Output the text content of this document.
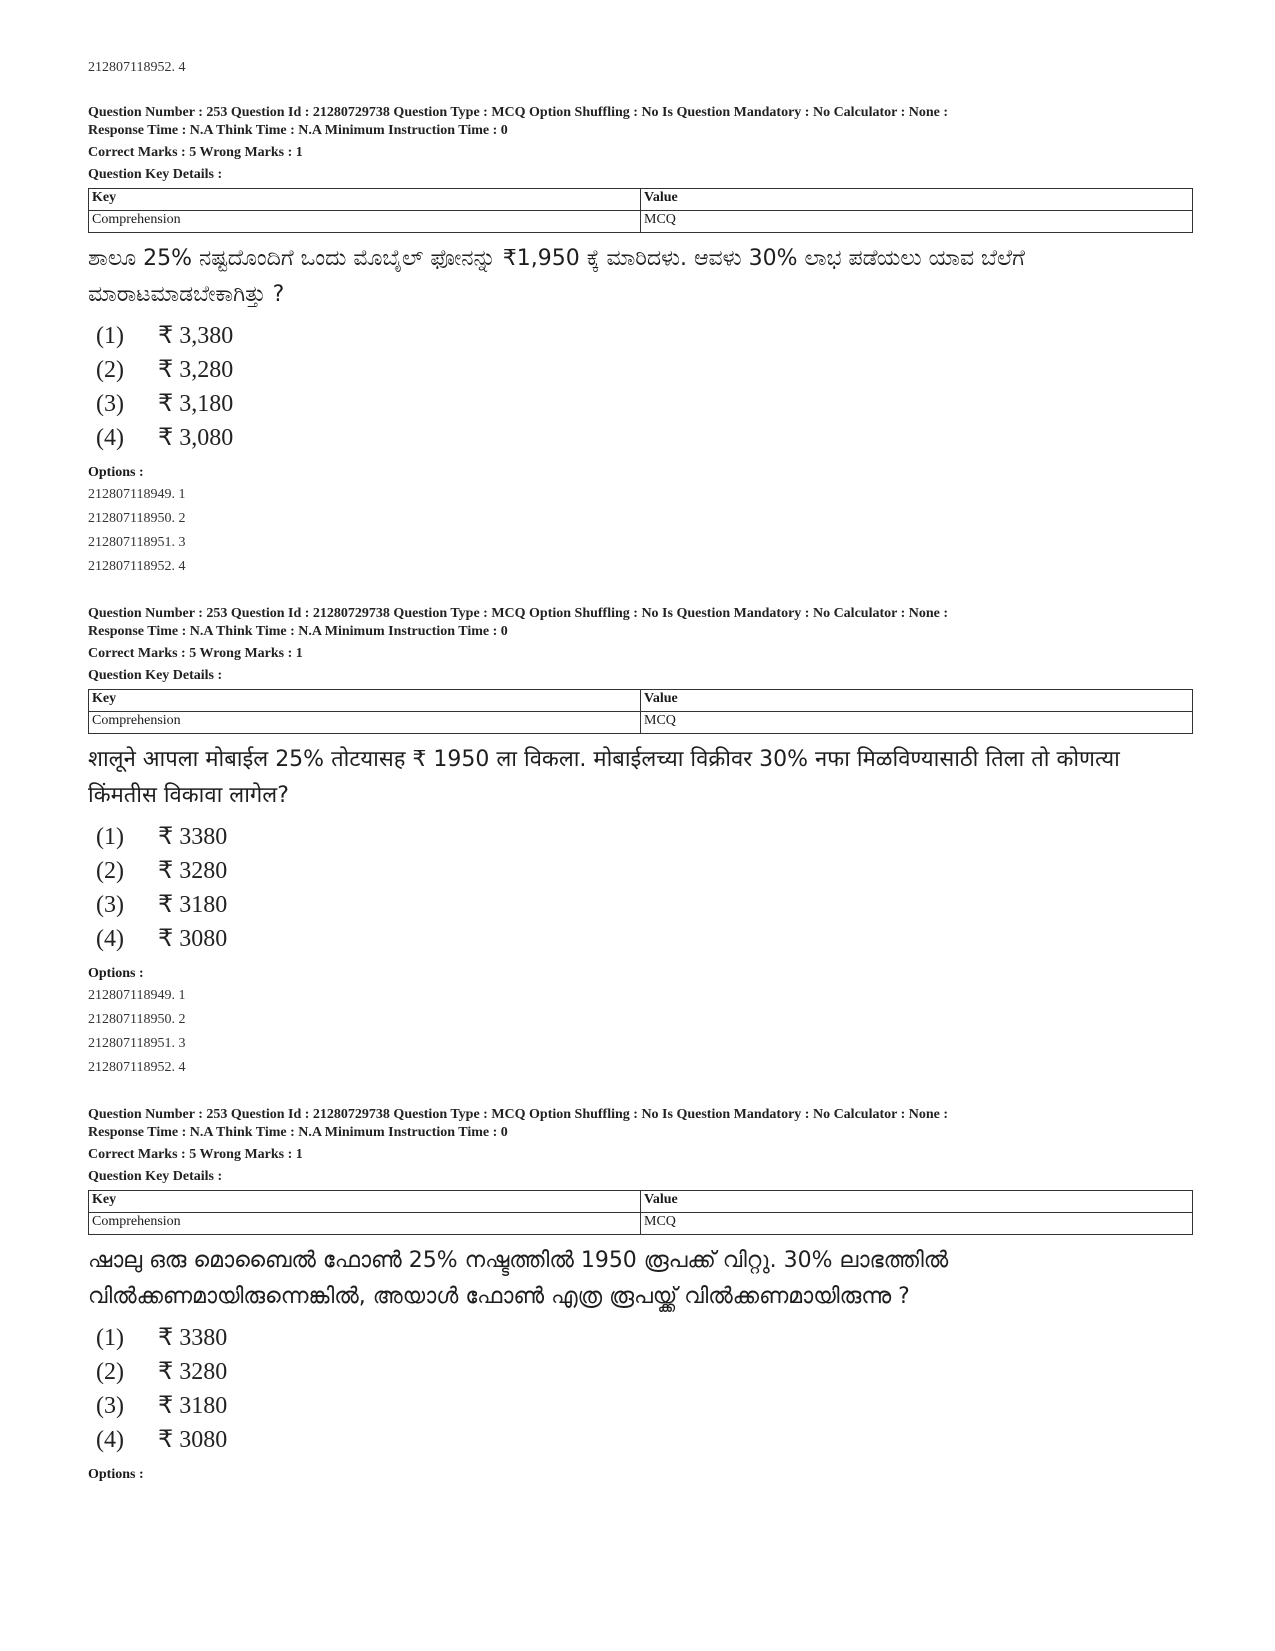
212807118952. 4
Question Number : 253 Question Id : 21280729738 Question Type : MCQ Option Shuffling : No Is Question Mandatory : No Calculator : None :
Response Time : N.A Think Time : N.A Minimum Instruction Time : 0
Correct Marks : 5 Wrong Marks : 1
Question Key Details :
Key	Value
Comprehension	MCQ
ಶಾಲೂ 25% ನಷ್ಟದೊಂದಿಗೆ ಒಂದು ಮೊಬೈಲ್ ಫೋನನ್ನು ₹1,950 ಕ್ಕೆ ಮಾರಿದಳು. ಆವಳು 30% ಲಾಭ ಪಡೆಯಲು ಯಾವ ಬೆಲೆಗೆ ಮಾರಾಟಮಾಡಬೇಕಾಗಿತ್ತು ?
(1)	₹ 3,380
(2)	₹ 3,280
(3)	₹ 3,180
(4)	₹ 3,080
Options :
212807118949. 1
212807118950. 2
212807118951. 3
212807118952. 4
Question Number : 253 Question Id : 21280729738 Question Type : MCQ Option Shuffling : No Is Question Mandatory : No Calculator : None :
Response Time : N.A Think Time : N.A Minimum Instruction Time : 0
Correct Marks : 5 Wrong Marks : 1
Question Key Details :
Key	Value
Comprehension	MCQ
शालूने आपला मोबाईल 25% तोटयासह ₹ 1950 ला विकला. मोबाईलच्या विक्रीवर 30% नफा मिळविण्यासाठी तिला तो कोणत्या किंमतीस विकावा लागेल?
(1)	₹ 3380
(2)	₹ 3280
(3)	₹ 3180
(4)	₹ 3080
Options :
212807118949. 1
212807118950. 2
212807118951. 3
212807118952. 4
Question Number : 253 Question Id : 21280729738 Question Type : MCQ Option Shuffling : No Is Question Mandatory : No Calculator : None :
Response Time : N.A Think Time : N.A Minimum Instruction Time : 0
Correct Marks : 5 Wrong Marks : 1
Question Key Details :
Key	Value
Comprehension	MCQ
ഷാലു ഒരു മൊബൈൽ ഫോൺ 25% നഷ്ടത്തിൽ 1950 രൂപക്ക് വിറ്റു. 30% ലാഭത്തിൽ വിൽക്കണമായിരുന്നെങ്കിൽ, അയാൾ ഫോൺ എത്ര രൂപയ്ക്ക് വിൽക്കണമായിരുന്നു ?
(1)	₹ 3380
(2)	₹ 3280
(3)	₹ 3180
(4)	₹ 3080
Options :
